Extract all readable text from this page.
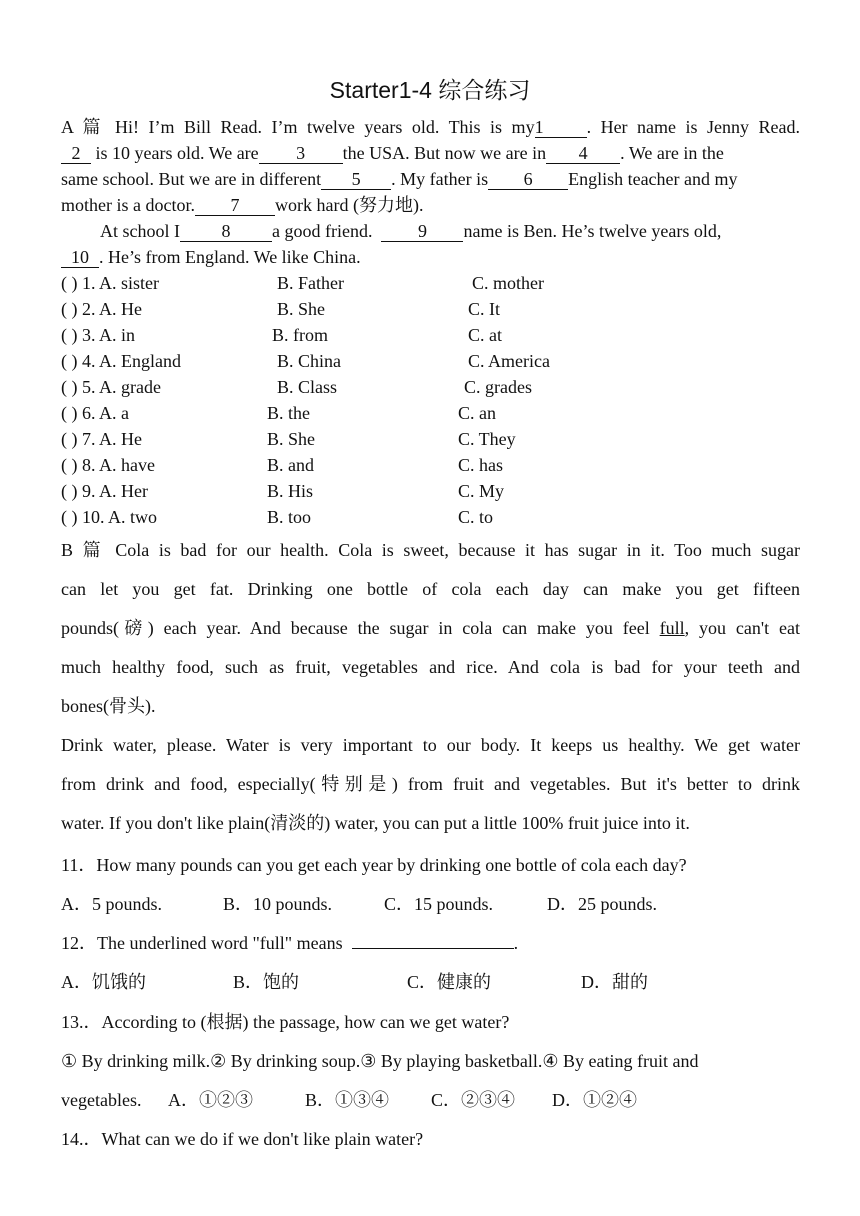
Starter1-4 综合练习
A 篇 Hi! I’m Bill Read. I’m twelve years old. This is my1 . Her name is Jenny Read.
2 is 10 years old. We are 3 the USA. But now we are in 4 . We are in the
same school. But we are in different 5 . My father is 6 English teacher and my
mother is a doctor. 7 work hard (努力地).
At school I 8 a good friend.	9 name is Ben. He’s twelve years old,
10 . He’s from England. We like China.
( ) 1. A. sister	B. Father	C. mother
( ) 2. A. He	B. She	C. It
( ) 3. A. in	B. from	C. at
( ) 4. A. England	B. China	C. America
( ) 5. A. grade	B. Class	C. grades
( ) 6. A. a	B. the	C. an
( ) 7. A. He	B. She	C. They
( ) 8. A. have	B. and	C. has
( ) 9. A. Her	B. His	C. My
( ) 10. A. two	B. too	C. to
B 篇 Cola is bad for our health. Cola is sweet, because it has sugar in it. Too much sugar
can let you get fat. Drinking one bottle of cola each day can make you get fifteen
pounds(磅) each year. And because the sugar in cola can make you feel full, you can't eat
much healthy food, such as fruit, vegetables and rice. And cola is bad for your teeth and
bones(骨头).
Drink water, please. Water is very important to our body. It keeps us healthy. We get water
from drink and food, especially(特别是) from fruit and vegetables. But it's better to drink
water. If you don't like plain(清淡的) water, you can put a little 100% fruit juice into it.
11．How many pounds can you get each year by drinking one bottle of cola each day?
A．5 pounds.	B．10 pounds.	C．15 pounds.	D．25 pounds.
12．The underlined word "full" means	.
A．饥饿的	B．饱的	C．健康的	D．甜的
13.．According to (根据) the passage, how can we get water?
① By drinking milk.② By drinking soup.③ By playing basketball.④ By eating fruit and
vegetables. A．①②③	B．①③④ C．②③④ D．①②④
14.．What can we do if we don't like plain water?
